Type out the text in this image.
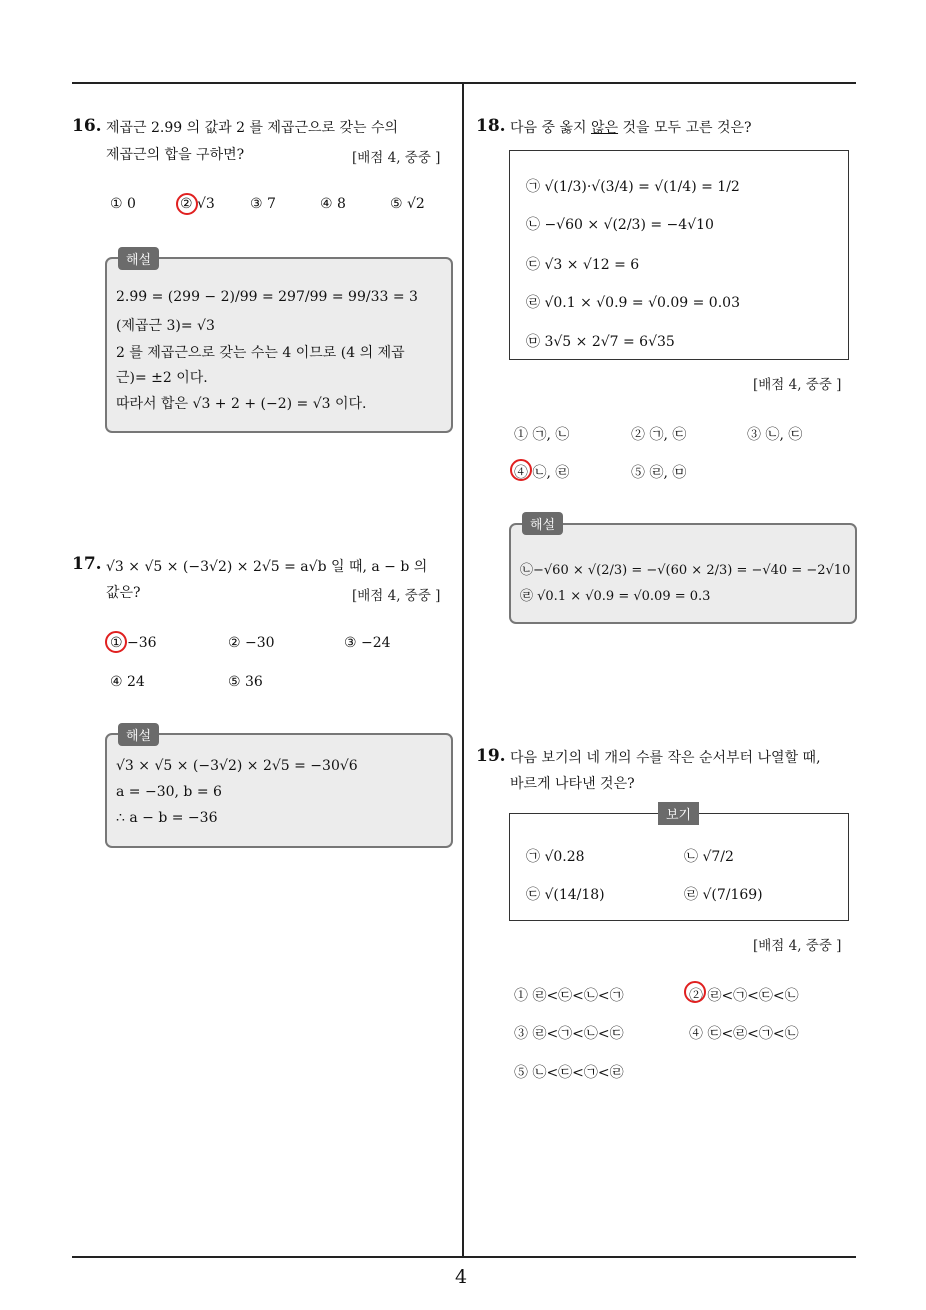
4
16. 제곱근 2.9̇9̇ 의 값과 2 를 제곱근으로 갖는 수의
제곱근의 합을 구하면?	[배점 4, 중중 ]
① 0	② √3	③ 7	④ 8	⑤ √2
해설
2.9̇9̇ = (299 − 2)/99 = 297/99 = 99/33 = 3
(제곱근 3)= √3
2 를 제곱근으로 갖는 수는 4 이므로 (4 의 제곱
근)= ±2 이다.
따라서 합은 √3 + 2 + (−2) = √3 이다.
17. √3 × √5 × (−3√2) × 2√5 = a√b 일 때, a − b 의
값은?	[배점 4, 중중 ]
① −36	② −30	③ −24
④ 24	⑤ 36
해설
√3 × √5 × (−3√2) × 2√5 = −30√6
a = −30, b = 6
∴ a − b = −36
18. 다음 중 옳지 않은 것을 모두 고른 것은?
㉠ √(1/3)·√(3/4) = √(1/4) = 1/2
㉡ −√60 × √(2/3) = −4√10
㉢ √3 × √12 = 6
㉣ √0.1 × √0.9 = √0.09 = 0.03
㉤ 3√5 × 2√7 = 6√35
[배점 4, 중중 ]
① ㉠, ㉡	② ㉠, ㉢	③ ㉡, ㉢
④ ㉡, ㉣	⑤ ㉣, ㉤
해설
㉡−√60 × √(2/3) = −√(60 × 2/3) = −√40 = −2√10
㉣ √0.1 × √0.9 = √0.09 = 0.3
19. 다음 보기의 네 개의 수를 작은 순서부터 나열할 때,
바르게 나타낸 것은?
보기
㉠ √0.28	㉡ √7/2
㉢ √(14/18)	㉣ √(7/169)
[배점 4, 중중 ]
① ㉣<㉢<㉡<㉠	② ㉣<㉠<㉢<㉡
③ ㉣<㉠<㉡<㉢	④ ㉢<㉣<㉠<㉡
⑤ ㉡<㉢<㉠<㉣
